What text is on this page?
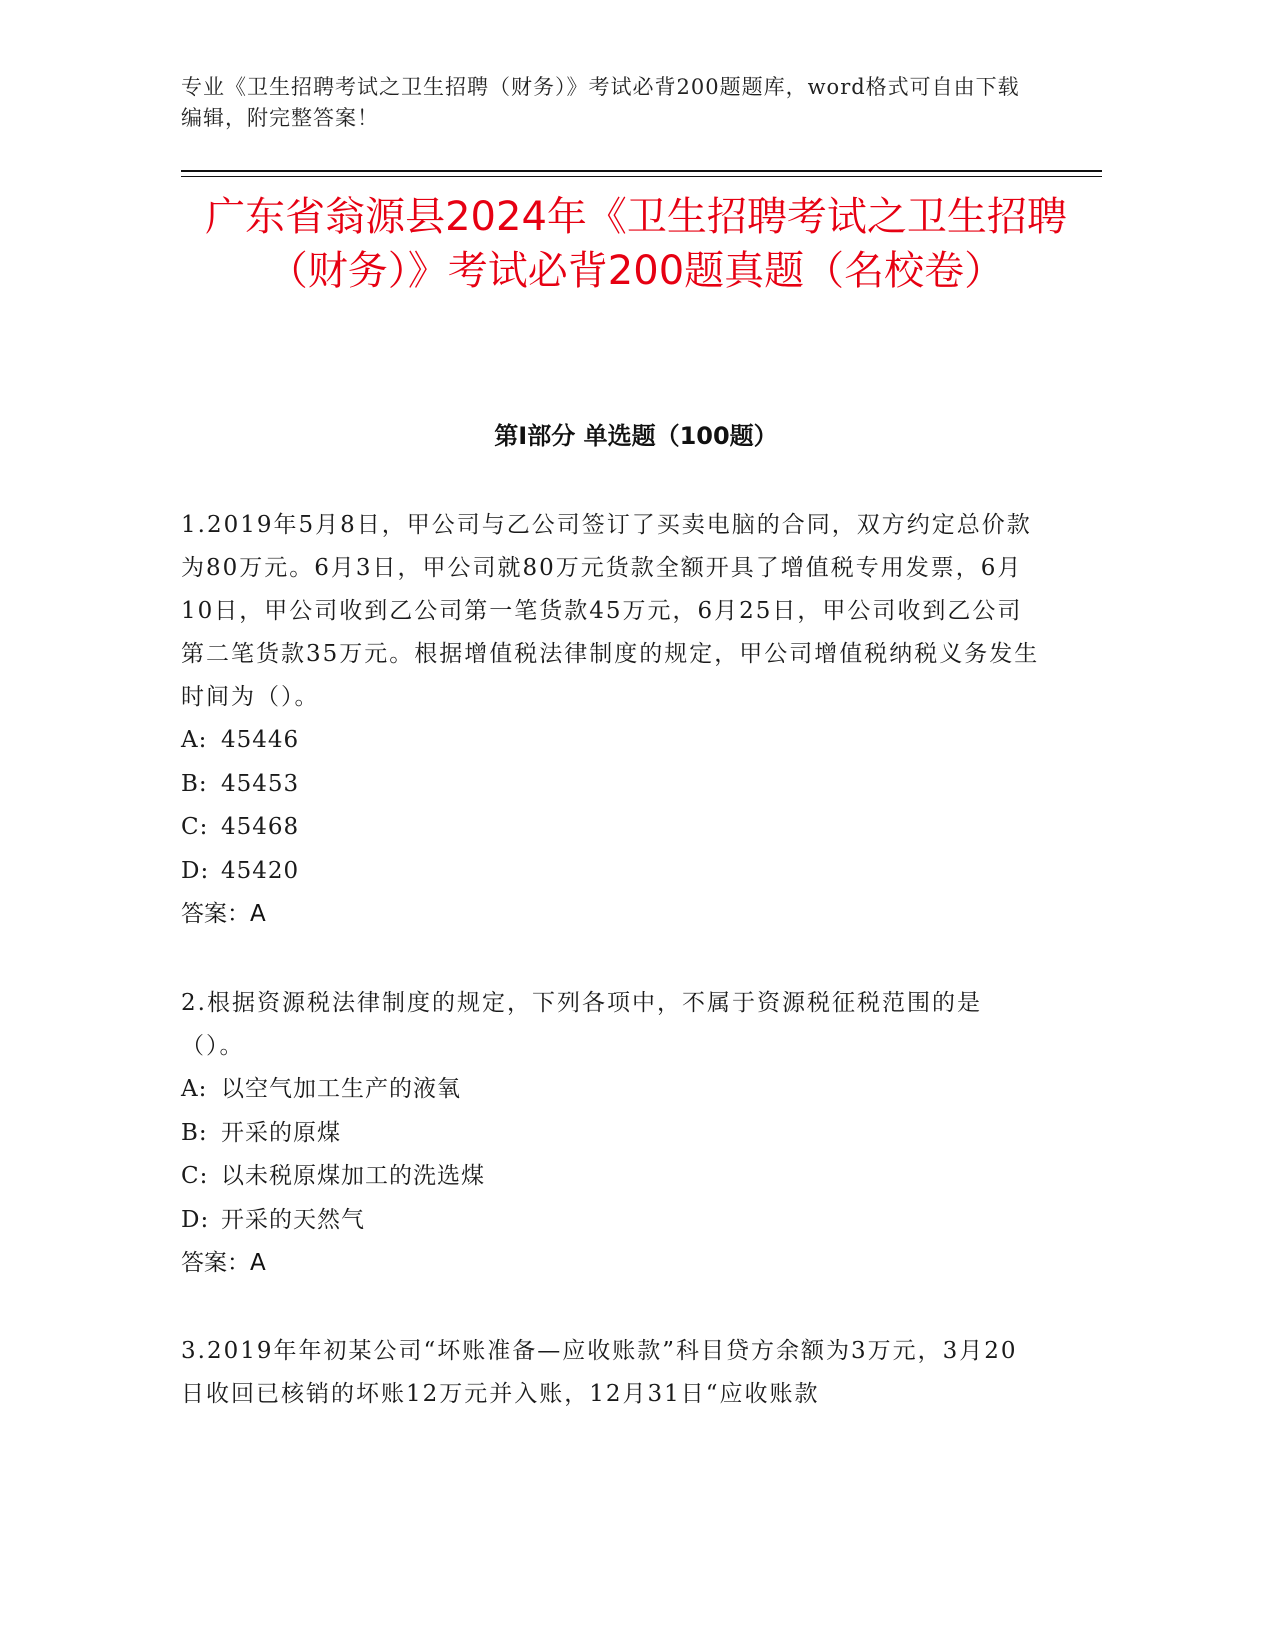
专业《卫生招聘考试之卫生招聘（财务）》考试必背200题题库，word格式可自由下载编辑，附完整答案！
广东省翁源县2024年《卫生招聘考试之卫生招聘（财务）》考试必背200题真题（名校卷）
第Ⅰ部分 单选题（100题）

1.2019年5月8日，甲公司与乙公司签订了买卖电脑的合同，双方约定总价款为80万元。6月3日，甲公司就80万元货款全额开具了增值税专用发票，6月10日，甲公司收到乙公司第一笔货款45万元，6月25日，甲公司收到乙公司第二笔货款35万元。根据增值税法律制度的规定，甲公司增值税纳税义务发生时间为（）。

A: 45446

B: 45453

C: 45468

D: 45420

答案：A

2.根据资源税法律制度的规定，下列各项中，不属于资源税征税范围的是（）。

A: 以空气加工生产的液氧

B: 开采的原煤

C: 以未税原煤加工的洗选煤

D: 开采的天然气

答案：A

3.2019年年初某公司“坏账准备—应收账款”科目贷方余额为3万元，3月20日收回已核销的坏账12万元并入账，12月31日“应收账款
